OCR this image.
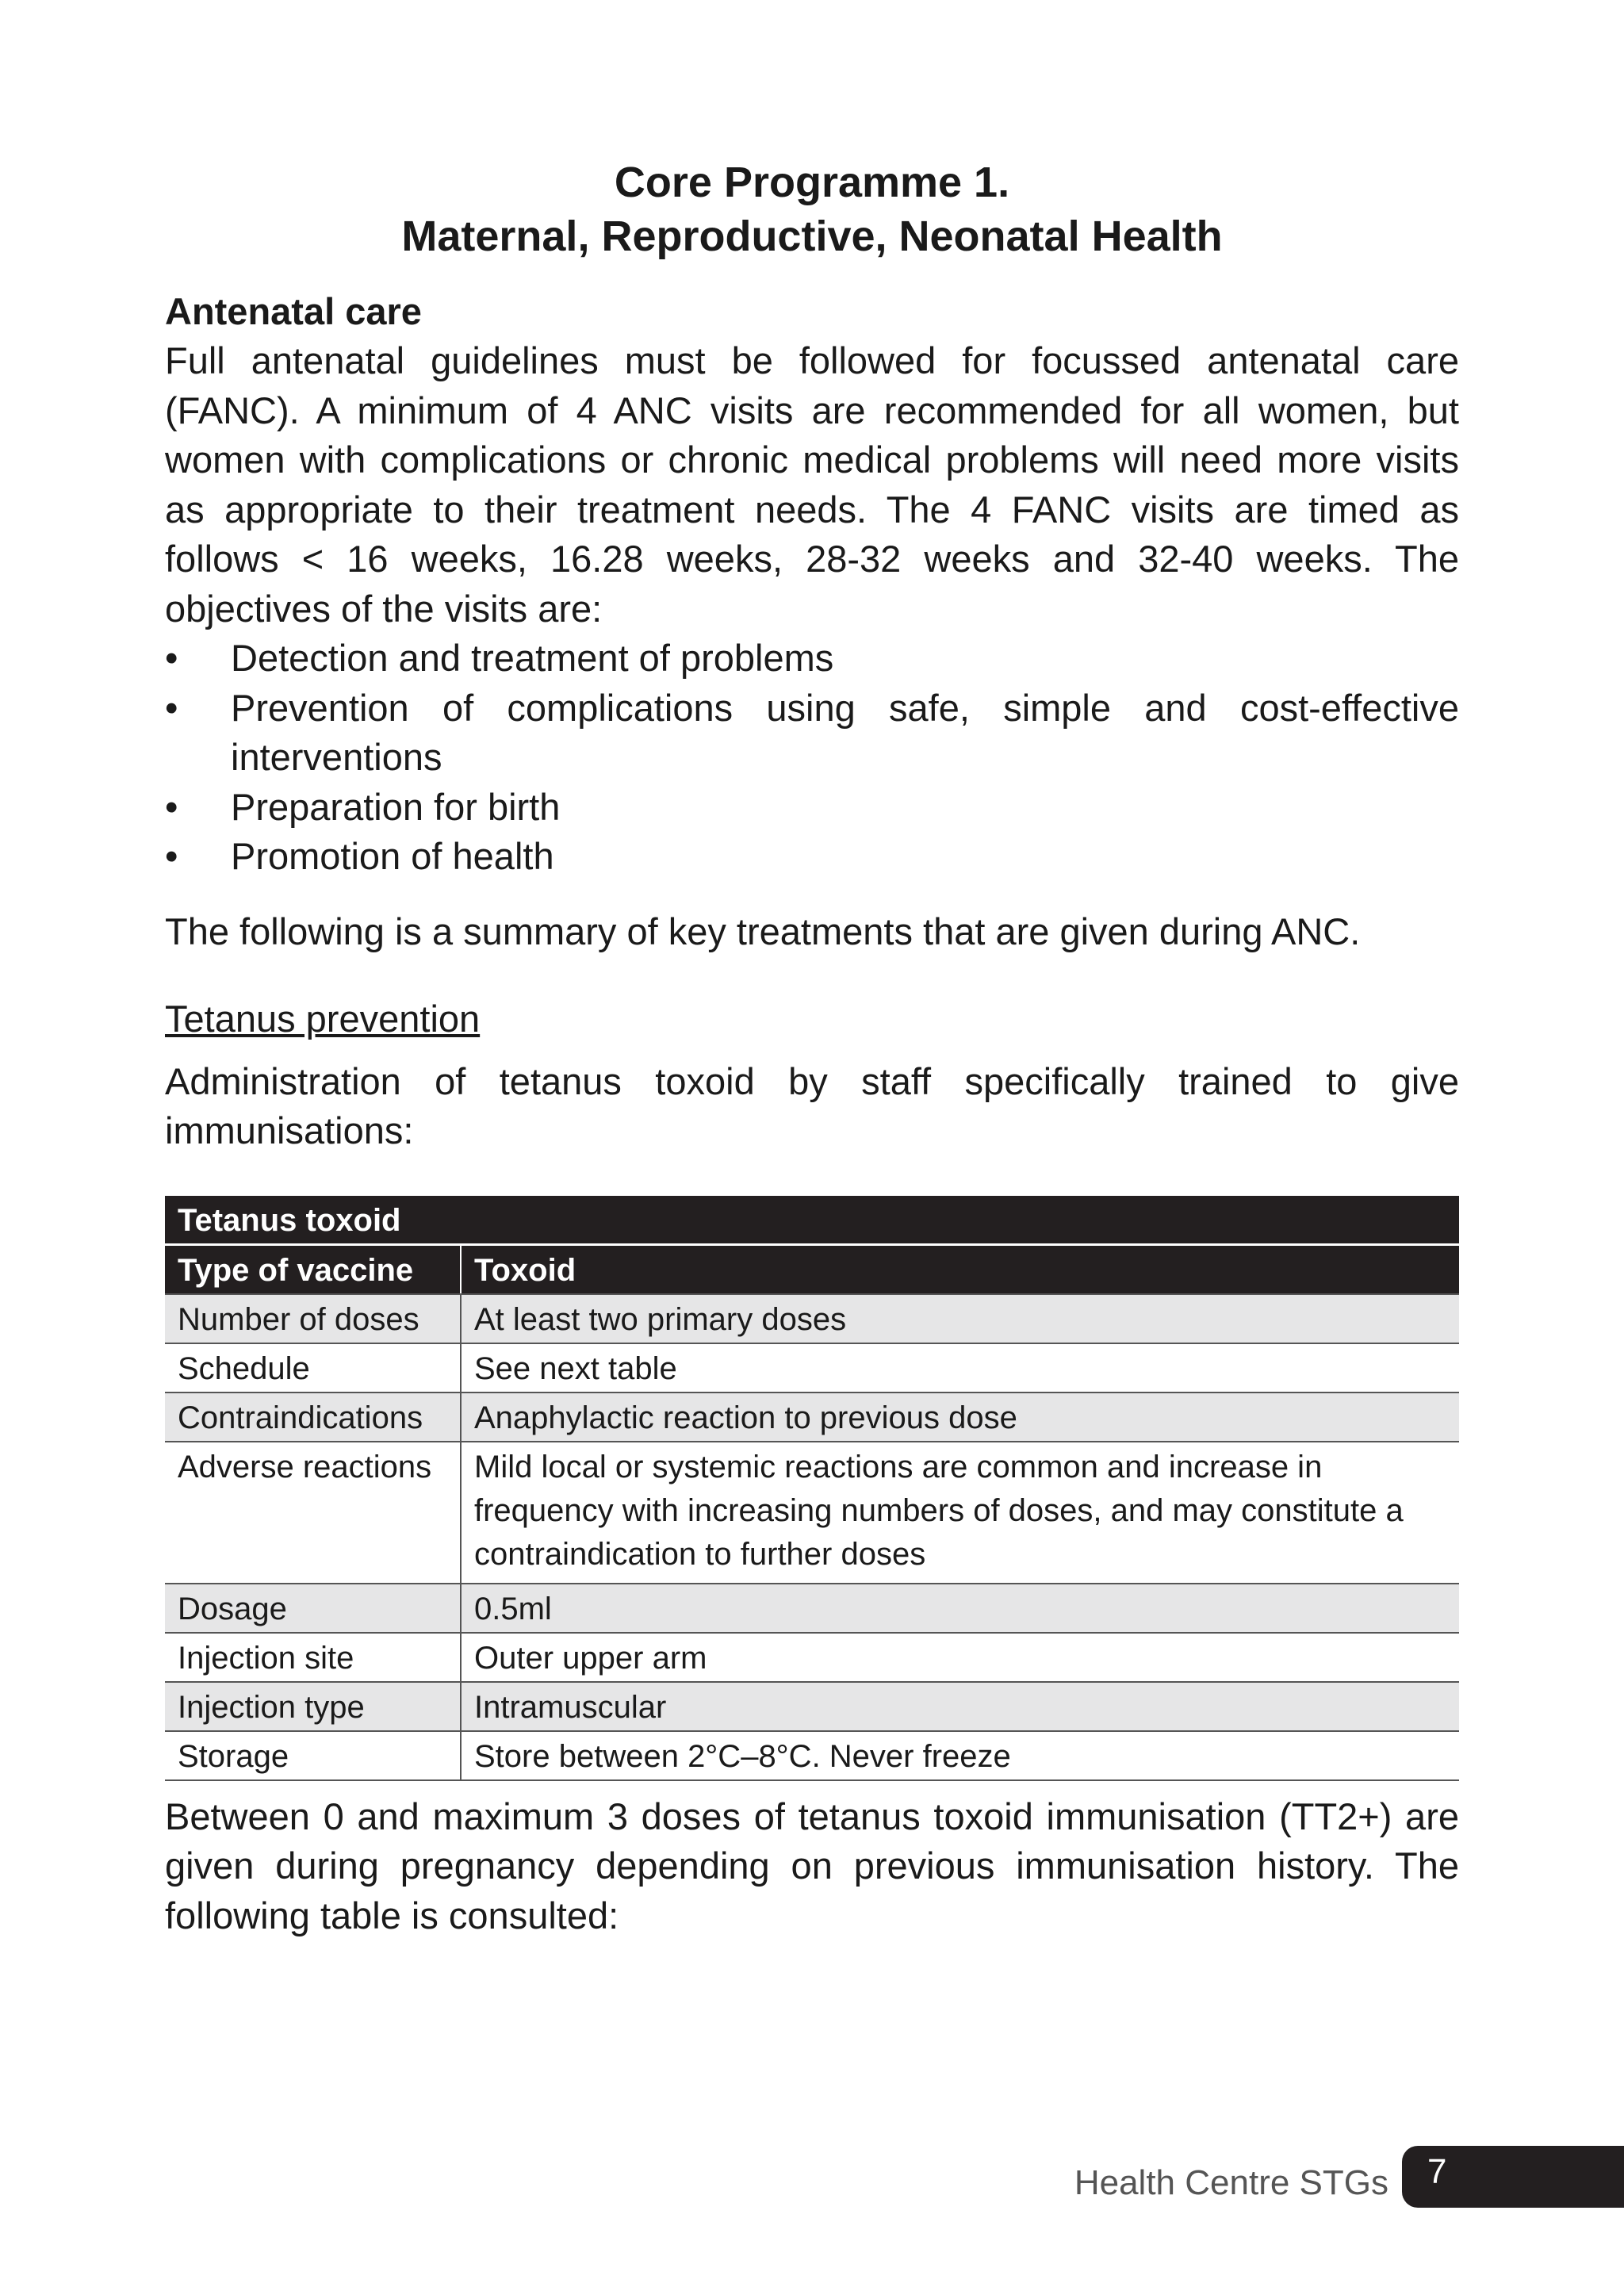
Core Programme 1.
Maternal, Reproductive, Neonatal Health
Antenatal care

Full antenatal guidelines must be followed for focussed antenatal care (FANC). A minimum of 4 ANC visits are recommended for all women, but women with complications or chronic medical problems will need more visits as appropriate to their treatment needs. The 4 FANC visits are timed as follows < 16 weeks, 16.28 weeks, 28-32 weeks and 32-40 weeks. The objectives of the visits are:

• Detection and treatment of problems
• Prevention of complications using safe, simple and cost-effective interventions
• Preparation for birth
• Promotion of health

The following is a summary of key treatments that are given during ANC.

Tetanus prevention

Administration of tetanus toxoid by staff specifically trained to give immunisations:

Tetanus toxoid	
Type of vaccine	Toxoid
Number of doses	At least two primary doses
Schedule	See next table
Contraindications	Anaphylactic reaction to previous dose
Adverse reactions	Mild local or systemic reactions are common and increase in frequency with increasing numbers of doses, and may constitute a contraindication to further doses
Dosage	0.5ml
Injection site	Outer upper arm
Injection type	Intramuscular
Storage	Store between 2°C–8°C. Never freeze

Between 0 and maximum 3 doses of tetanus toxoid immunisation (TT2+) are given during pregnancy depending on previous immunisation history. The following table is consulted:

Health Centre STGs 7
